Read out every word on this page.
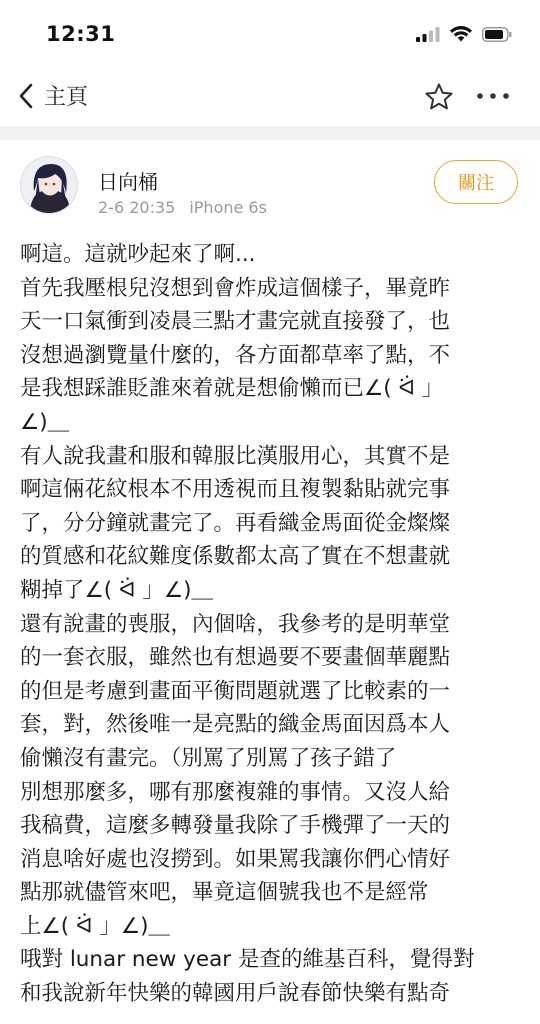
12:31
主頁
日向桶
2-6 20:35 iPhone 6s
關注

啊這。這就吵起來了啊...

首先我壓根兒沒想到會炸成這個樣子，畢竟昨
天一口氣衝到凌晨三點才畫完就直接發了，也
沒想過瀏覽量什麼的，各方面都草率了點，不
是我想踩誰貶誰來着就是想偷懶而已∠( ᐛ 」
∠)＿

有人說我畫和服和韓服比漢服用心，其實不是
啊這倆花紋根本不用透視而且複製黏貼就完事
了，分分鐘就畫完了。再看織金馬面從金燦燦
的質感和花紋難度係數都太高了實在不想畫就
糊掉了∠( ᐛ 」∠)＿

還有說畫的喪服，內個啥，我參考的是明華堂
的一套衣服，雖然也有想過要不要畫個華麗點
的但是考慮到畫面平衡問題就選了比較素的一
套，對，然後唯一是亮點的織金馬面因爲本人
偷懶沒有畫完。（別罵了別罵了孩子錯了

別想那麼多，哪有那麼複雜的事情。又沒人給
我稿費，這麼多轉發量我除了手機彈了一天的
消息啥好處也沒撈到。如果罵我讓你們心情好
點那就儘管來吧，畢竟這個號我也不是經常
上∠( ᐛ 」∠)＿

哦對 lunar new year 是查的維基百科，覺得對
和我說新年快樂的韓國用戶說春節快樂有點奇
